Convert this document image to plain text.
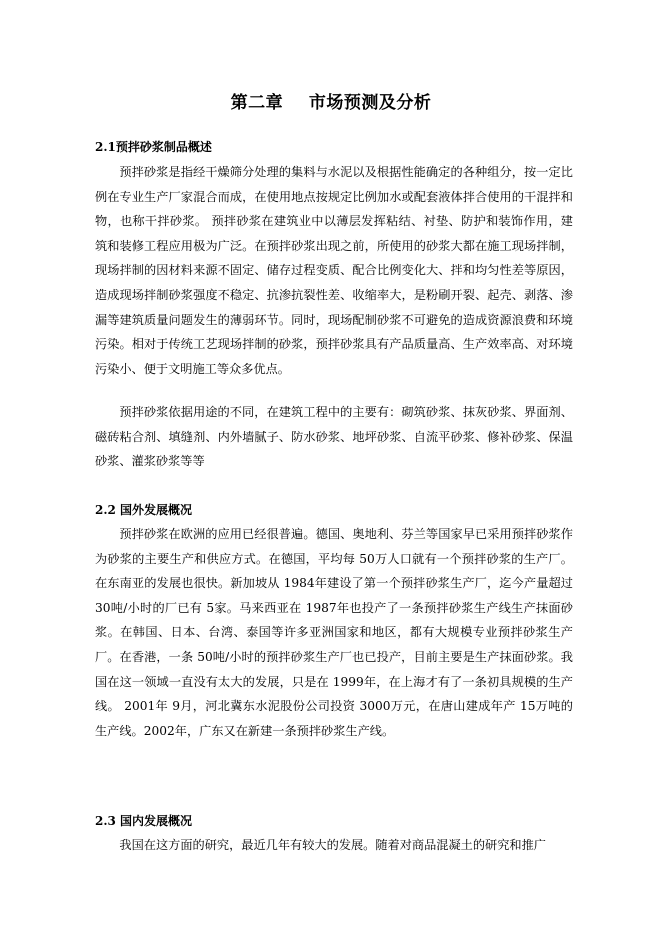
第二章    市场预测及分析
2.1预拌砂浆制品概述
预拌砂浆是指经干燥筛分处理的集料与水泥以及根据性能确定的各种组分，按一定比例在专业生产厂家混合而成，在使用地点按规定比例加水或配套液体拌合使用的干混拌和物，也称干拌砂浆。 预拌砂浆在建筑业中以薄层发挥粘结、衬垫、防护和装饰作用，建筑和装修工程应用极为广泛。在预拌砂浆出现之前，所使用的砂浆大都在施工现场拌制，现场拌制的因材料来源不固定、储存过程变质、配合比例变化大、拌和均匀性差等原因，造成现场拌制砂浆强度不稳定、抗渗抗裂性差、收缩率大，是粉刷开裂、起壳、剥落、渗漏等建筑质量问题发生的薄弱环节。同时，现场配制砂浆不可避免的造成资源浪费和环境污染。相对于传统工艺现场拌制的砂浆，预拌砂浆具有产品质量高、生产效率高、对环境污染小、便于文明施工等众多优点。
预拌砂浆依据用途的不同，在建筑工程中的主要有：砌筑砂浆、抹灰砂浆、界面剂、磁砖粘合剂、填缝剂、内外墙腻子、防水砂浆、地坪砂浆、自流平砂浆、修补砂浆、保温砂浆、灌浆砂浆等等
2.2 国外发展概况
预拌砂浆在欧洲的应用已经很普遍。德国、奥地利、芬兰等国家早已采用预拌砂浆作为砂浆的主要生产和供应方式。在德国，平均每 50万人口就有一个预拌砂浆的生产厂。在东南亚的发展也很快。新加坡从 1984年建设了第一个预拌砂浆生产厂，迄今产量超过 30吨/小时的厂已有 5家。马来西亚在 1987年也投产了一条预拌砂浆生产线生产抹面砂浆。在韩国、日本、台湾、泰国等许多亚洲国家和地区，都有大规模专业预拌砂浆生产厂。在香港，一条 50吨/小时的预拌砂浆生产厂也已投产，目前主要是生产抹面砂浆。我国在这一领域一直没有太大的发展，只是在 1999年，在上海才有了一条初具规模的生产线。 2001年 9月，河北冀东水泥股份公司投资 3000万元，在唐山建成年产 15万吨的生产线。2002年，广东又在新建一条预拌砂浆生产线。
2.3 国内发展概况
我国在这方面的研究，最近几年有较大的发展。随着对商品混凝土的研究和推广
